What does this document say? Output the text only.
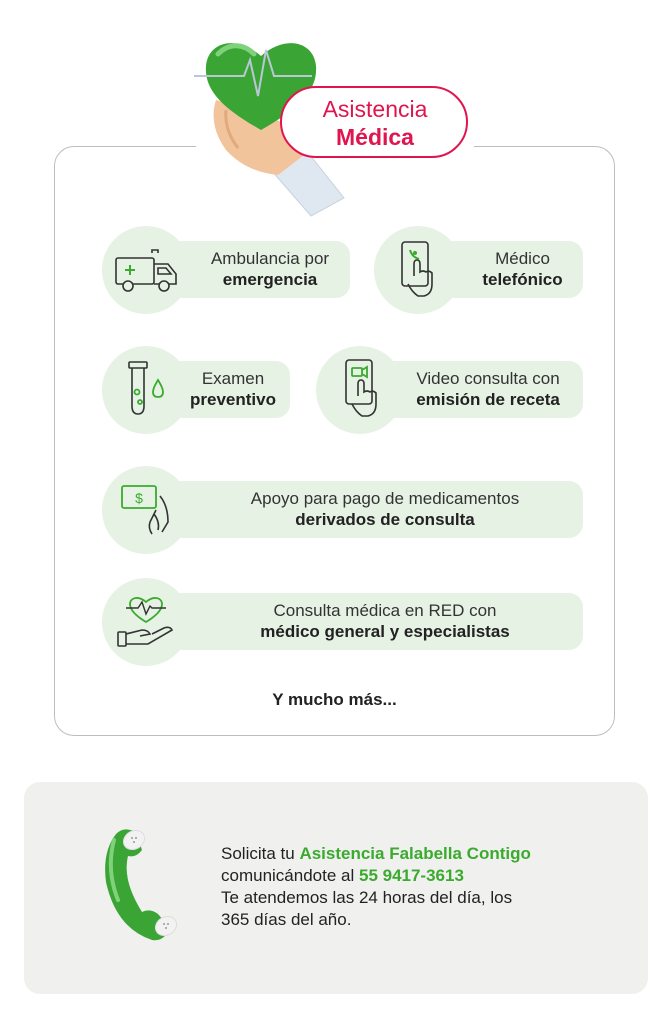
Asistencia
Médica
Ambulancia por
emergencia
Médico
telefónico
Examen
preventivo
Video consulta con
emisión de receta
$	Apoyo para pago de medicamentos
derivados de consulta
Consulta médica en RED con
médico general y especialistas
Y mucho más...
Solicita tu Asistencia Falabella Contigo
comunicándote al 55 9417-3613
Te atendemos las 24 horas del día, los
365 días del año.
